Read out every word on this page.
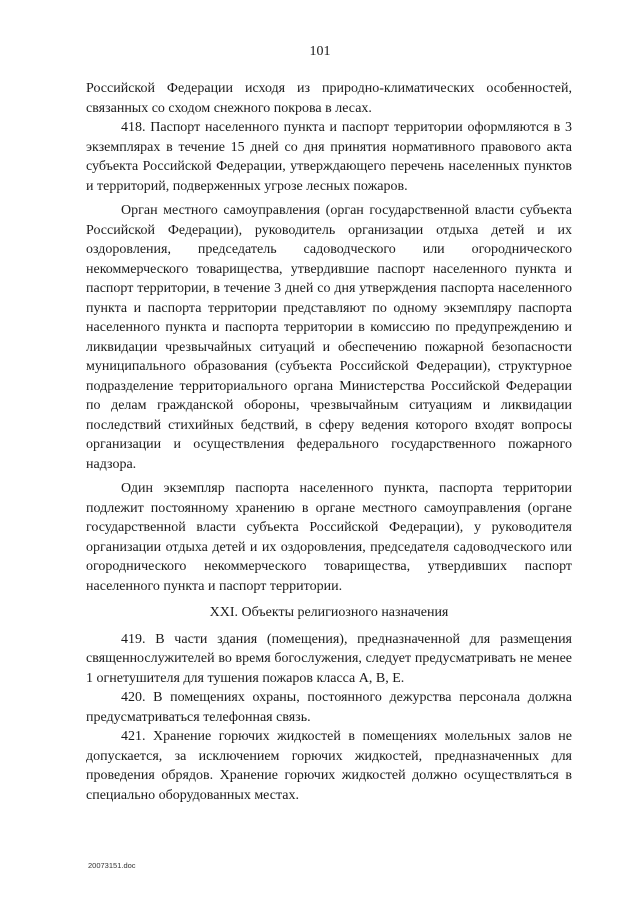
101

Российской Федерации исходя из природно-климатических особенностей, связанных со сходом снежного покрова в лесах.

418. Паспорт населенного пункта и паспорт территории оформляются в 3 экземплярах в течение 15 дней со дня принятия нормативного правового акта субъекта Российской Федерации, утверждающего перечень населенных пунктов и территорий, подверженных угрозе лесных пожаров.

Орган местного самоуправления (орган государственной власти субъекта Российской Федерации), руководитель организации отдыха детей и их оздоровления, председатель садоводческого или огороднического некоммерческого товарищества, утвердившие паспорт населенного пункта и паспорт территории, в течение 3 дней со дня утверждения паспорта населенного пункта и паспорта территории представляют по одному экземпляру паспорта населенного пункта и паспорта территории в комиссию по предупреждению и ликвидации чрезвычайных ситуаций и обеспечению пожарной безопасности муниципального образования (субъекта Российской Федерации), структурное подразделение территориального органа Министерства Российской Федерации по делам гражданской обороны, чрезвычайным ситуациям и ликвидации последствий стихийных бедствий, в сферу ведения которого входят вопросы организации и осуществления федерального государственного пожарного надзора.

Один экземпляр паспорта населенного пункта, паспорта территории подлежит постоянному хранению в органе местного самоуправления (органе государственной власти субъекта Российской Федерации), у руководителя организации отдыха детей и их оздоровления, председателя садоводческого или огороднического некоммерческого товарищества, утвердивших паспорт населенного пункта и паспорт территории.

XXI. Объекты религиозного назначения

419. В части здания (помещения), предназначенной для размещения священнослужителей во время богослужения, следует предусматривать не менее 1 огнетушителя для тушения пожаров класса А, В, Е.

420. В помещениях охраны, постоянного дежурства персонала должна предусматриваться телефонная связь.

421. Хранение горючих жидкостей в помещениях молельных залов не допускается, за исключением горючих жидкостей, предназначенных для проведения обрядов. Хранение горючих жидкостей должно осуществляться в специально оборудованных местах.

20073151.doc
